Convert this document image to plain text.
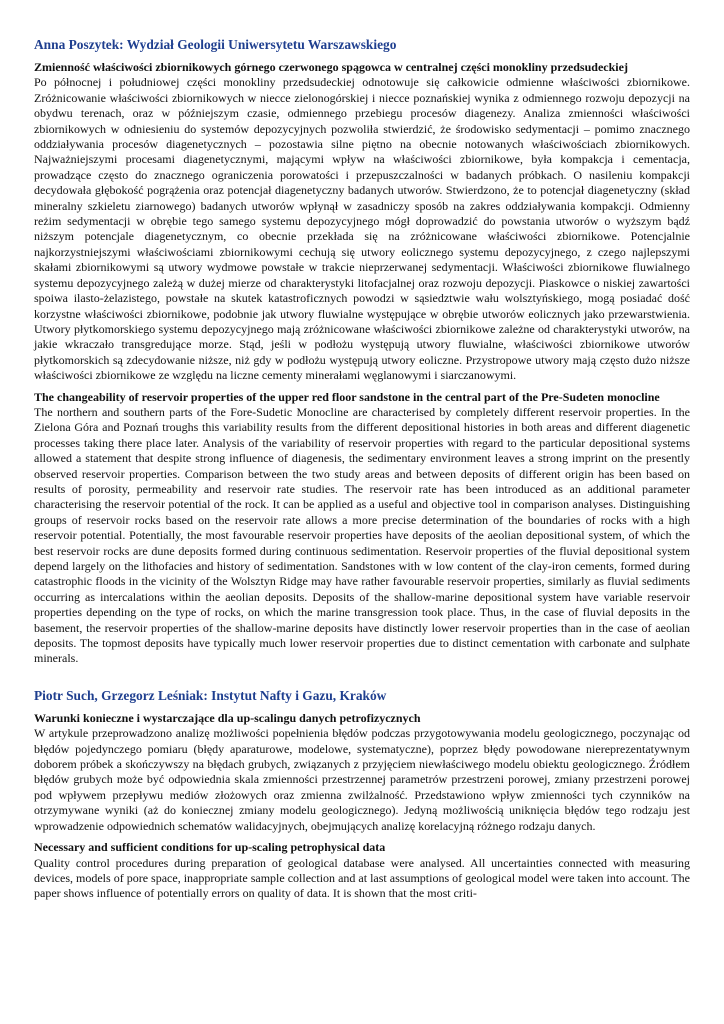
Anna Poszytek: Wydział Geologii Uniwersytetu Warszawskiego
Zmienność właściwości zbiornikowych górnego czerwonego spągowca w centralnej części monokliny przedsudeckiej

Po północnej i południowej części monokliny przedsudeckiej odnotowuje się całkowicie odmienne właściwości zbiornikowe. Zróżnicowanie właściwości zbiornikowych w niecce zielonogórskiej i niecce poznańskiej wynika z odmiennego rozwoju depozycji na obydwu terenach, oraz w późniejszym czasie, odmiennego przebiegu procesów diagenezy. Analiza zmienności właściwości zbiornikowych w odniesieniu do systemów depozycyjnych pozwoliła stwierdzić, że środowisko sedymentacji – pomimo znacznego oddziaływania procesów diagenetycznych – pozostawia silne piętno na obecnie notowanych właściwościach zbiornikowych. Najważniejszymi procesami diagenetycznymi, mającymi wpływ na właściwości zbiornikowe, była kompakcja i cementacja, prowadzące często do znacznego ograniczenia porowatości i przepuszczalności w badanych próbkach. O nasileniu kompakcji decydowała głębokość pogrążenia oraz potencjał diagenetyczny badanych utworów. Stwierdzono, że to potencjał diagenetyczny (skład mineralny szkieletu ziarnowego) badanych utworów wpłynął w zasadniczy sposób na zakres oddziaływania kompakcji. Odmienny reżim sedymentacji w obrębie tego samego systemu depozycyjnego mógł doprowadzić do powstania utworów o wyższym bądź niższym potencjale diagenetycznym, co obecnie przekłada się na zróżnicowane właściwości zbiornikowe. Potencjalnie najkorzystniejszymi właściwościami zbiornikowymi cechują się utwory eolicznego systemu depozycyjnego, z czego najlepszymi skałami zbiornikowymi są utwory wydmowe powstałe w trakcie nieprzerwanej sedymentacji. Właściwości zbiornikowe fluwialnego systemu depozycyjnego zależą w dużej mierze od charakterystyki litofacjalnej oraz rozwoju depozycji. Piaskowce o niskiej zawartości spoiwa ilasto-żelazistego, powstałe na skutek katastroficznych powodzi w sąsiedztwie wału wolsztyńskiego, mogą posiadać dość korzystne właściwości zbiornikowe, podobnie jak utwory fluwialne występujące w obrębie utworów eolicznych jako przewarstwienia. Utwory płytkomorskiego systemu depozycyjnego mają zróżnicowane właściwości zbiornikowe zależne od charakterystyki utworów, na jakie wkraczało transgredujące morze. Stąd, jeśli w podłożu występują utwory fluwialne, właściwości zbiornikowe utworów płytkomorskich są zdecydowanie niższe, niż gdy w podłożu występują utwory eoliczne. Przystropowe utwory mają często dużo niższe właściwości zbiornikowe ze względu na liczne cementy minerałami węglanowymi i siarczanowymi.

The changeability of reservoir properties of the upper red floor sandstone in the central part of the Pre-Sudeten monocline

The northern and southern parts of the Fore-Sudetic Monocline are characterised by completely different reservoir properties. In the Zielona Góra and Poznań troughs this variability results from the different depositional histories in both areas and different diagenetic processes taking there place later. Analysis of the variability of reservoir properties with regard to the particular depositional systems allowed a statement that despite strong influence of diagenesis, the sedimentary environment leaves a strong imprint on the presently observed reservoir properties. Comparison between the two study areas and between deposits of different origin has been based on results of porosity, permeability and reservoir rate studies. The reservoir rate has been introduced as an additional parameter characterising the reservoir potential of the rock. It can be applied as a useful and objective tool in comparison analyses. Distinguishing groups of reservoir rocks based on the reservoir rate allows a more precise determination of the boundaries of rocks with a high reservoir potential. Potentially, the most favourable reservoir properties have deposits of the aeolian depositional system, of which the best reservoir rocks are dune deposits formed during continuous sedimentation. Reservoir properties of the fluvial depositional system depend largely on the lithofacies and history of sedimentation. Sandstones with w low content of the clay-iron cements, formed during catastrophic floods in the vicinity of the Wolsztyn Ridge may have rather favourable reservoir properties, similarly as fluvial sediments occurring as intercalations within the aeolian deposits. Deposits of the shallow-marine depositional system have variable reservoir properties depending on the type of rocks, on which the marine transgression took place. Thus, in the case of fluvial deposits in the basement, the reservoir properties of the shallow-marine deposits have distinctly lower reservoir properties than in the case of aeolian deposits. The topmost deposits have typically much lower reservoir properties due to distinct cementation with carbonate and sulphate minerals.

Piotr Such, Grzegorz Leśniak: Instytut Nafty i Gazu, Kraków
Warunki konieczne i wystarczające dla up-scalingu danych petrofizycznych

W artykule przeprowadzono analizę możliwości popełnienia błędów podczas przygotowywania modelu geologicznego, poczynając od błędów pojedynczego pomiaru (błędy aparaturowe, modelowe, systematyczne), poprzez błędy powodowane niereprezentatywnym doborem próbek a skończywszy na błędach grubych, związanych z przyjęciem niewłaściwego modelu obiektu geologicznego. Źródłem błędów grubych może być odpowiednia skala zmienności przestrzennej parametrów przestrzeni porowej, zmiany przestrzeni porowej pod wpływem przepływu mediów złożowych oraz zmienna zwilżalność. Przedstawiono wpływ zmienności tych czynników na otrzymywane wyniki (aż do koniecznej zmiany modelu geologicznego). Jedyną możliwością uniknięcia błędów tego rodzaju jest wprowadzenie odpowiednich schematów walidacyjnych, obejmujących analizę korelacyjną różnego rodzaju danych.

Necessary and sufficient conditions for up-scaling petrophysical data

Quality control procedures during preparation of geological database were analysed. All uncertainties connected with measuring devices, models of pore space, inappropriate sample collection and at last assumptions of geological model were taken into account. The paper shows influence of potentially errors on quality of data. It is shown that the most criti-
